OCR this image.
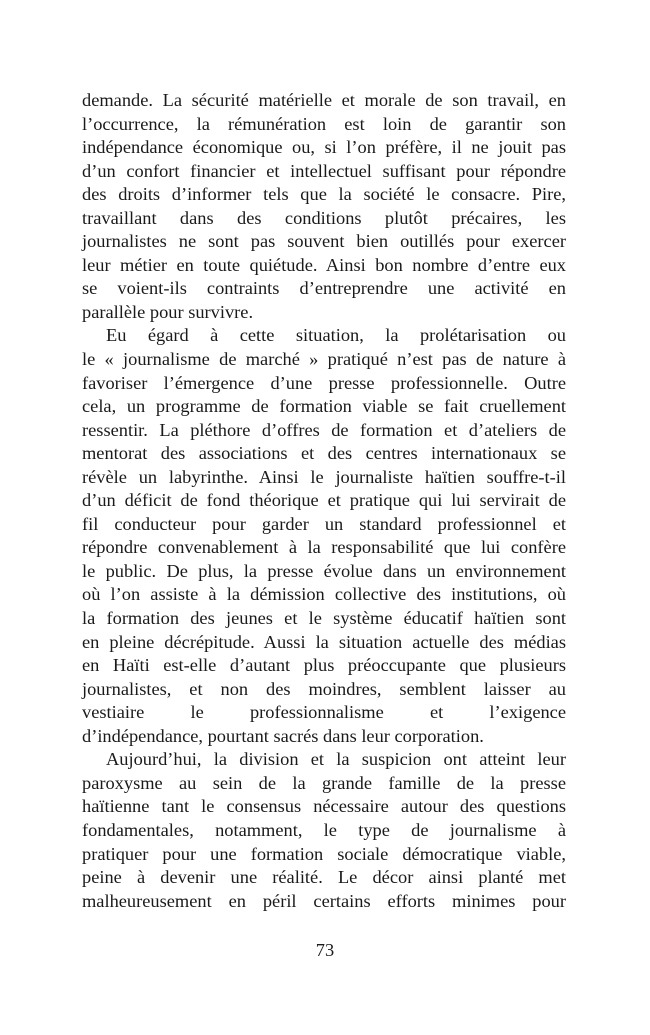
demande. La sécurité matérielle et morale de son travail, en
l’occurrence, la rémunération est loin de garantir son
indépendance économique ou, si l’on préfère, il ne jouit pas
d’un confort financier et intellectuel suffisant pour répondre
des droits d’informer tels que la société le consacre. Pire,
travaillant dans des conditions plutôt précaires, les
journalistes ne sont pas souvent bien outillés pour exercer
leur métier en toute quiétude. Ainsi bon nombre d’entre eux
se voient-ils contraints d’entreprendre une activité en
parallèle pour survivre.

Eu égard à cette situation, la prolétarisation ou
le « journalisme de marché » pratiqué n’est pas de nature à
favoriser l’émergence d’une presse professionnelle. Outre
cela, un programme de formation viable se fait cruellement
ressentir. La pléthore d’offres de formation et d’ateliers de
mentorat des associations et des centres internationaux se
révèle un labyrinthe. Ainsi le journaliste haïtien souffre-t-il
d’un déficit de fond théorique et pratique qui lui servirait de
fil conducteur pour garder un standard professionnel et
répondre convenablement à la responsabilité que lui confère
le public. De plus, la presse évolue dans un environnement
où l’on assiste à la démission collective des institutions, où
la formation des jeunes et le système éducatif haïtien sont
en pleine décrépitude. Aussi la situation actuelle des médias
en Haïti est-elle d’autant plus préoccupante que plusieurs
journalistes, et non des moindres, semblent laisser au
vestiaire le professionnalisme et l’exigence
d’indépendance, pourtant sacrés dans leur corporation.

Aujourd’hui, la division et la suspicion ont atteint leur
paroxysme au sein de la grande famille de la presse
haïtienne tant le consensus nécessaire autour des questions
fondamentales, notamment, le type de journalisme à
pratiquer pour une formation sociale démocratique viable,
peine à devenir une réalité. Le décor ainsi planté met
malheureusement en péril certains efforts minimes pour

73
